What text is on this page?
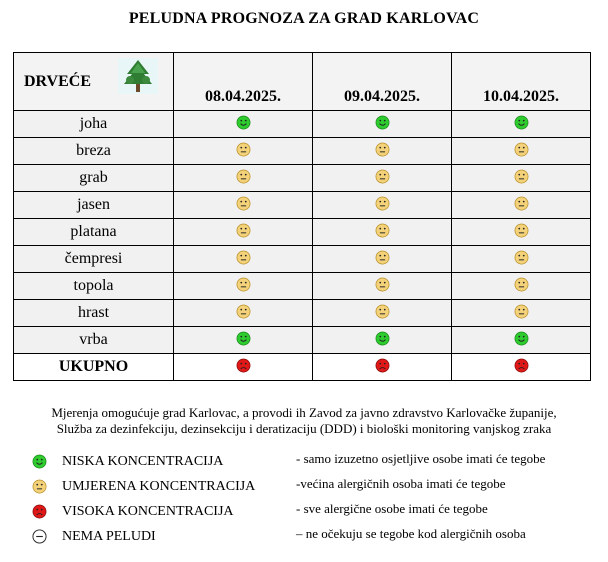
PELUDNA PROGNOZA ZA GRAD KARLOVAC
DRVEĆE	08.04.2025.	09.04.2025.	10.04.2025.
joha			
breza			
grab			
jasen			
platana			
čempresi			
topola			
hrast			
vrba			
UKUPNO			
Mjerenja omogućuje grad Karlovac, a provodi ih Zavod za javno zdravstvo Karlovačke županije,
Služba za dezinfekciju, dezinsekciju i deratizaciju (DDD) i biološki monitoring vanjskog zraka
NISKA KONCENTRACIJA	- samo izuzetno osjetljive osobe imati će tegobe
UMJERENA KONCENTRACIJA	-većina alergičnih osoba imati će tegobe
VISOKA KONCENTRACIJA	- sve alergične osobe imati će tegobe
NEMA PELUDI	– ne očekuju se tegobe kod alergičnih osoba
